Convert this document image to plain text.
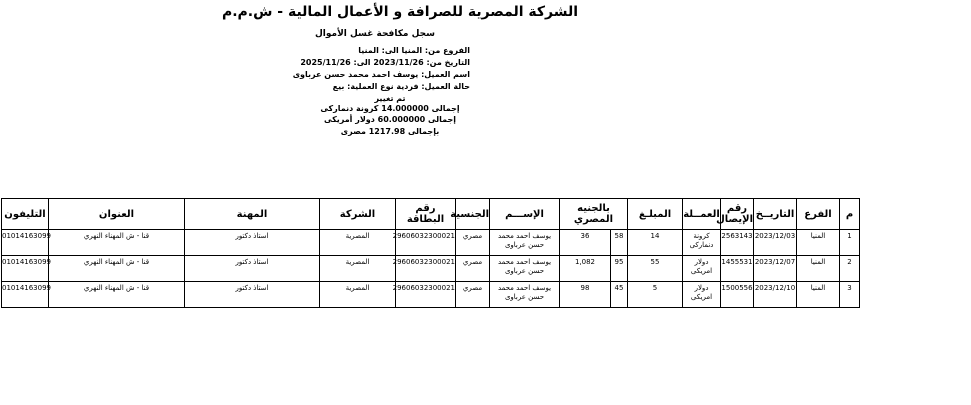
الشركة المصرية للصرافة و الأعمال المالية - ش.م.م
سجل مكافحة غسل الأموال
الفروع من: المنيا الى: المنيا
التاريخ من: 2023/11/26 الى: 2025/11/26
اسم العميل: يوسف احمد محمد حسن عرباوى
حالة العميل: فردية نوع العملية: بيع
تم تغيير
إجمالى 14.000000 كرونة دنماركى
إجمالى 60.000000 دولار أمريكى
بإجمالى 1217.98 مصرى
م	الفرع	التاريــخ	رقم الإيصال	العمــلة	المبلـغ	بالجنيه المصري		الإســـم	الجنسية	رقم البطاقة	الشركة	المهنة	العنوان	التليفون
1	المنيا	2023/12/03	2563143	كرونة دنماركى	14	58	36	يوسف احمد محمد حسن عرباوى	مصري	29606032300021	المصرية	استاذ دكتور	قنا - ش المهناء النهري	01014163099
2	المنيا	2023/12/07	1455531	دولار امريكى	55	95	1,082	يوسف احمد محمد حسن عرباوى	مصري	29606032300021	المصرية	استاذ دكتور	قنا - ش المهناء النهري	01014163099
3	المنيا	2023/12/10	1500556	دولار امريكى	5	45	98	يوسف احمد محمد حسن عرباوى	مصري	29606032300021	المصرية	استاذ دكتور	قنا - ش المهناء النهري	01014163099
